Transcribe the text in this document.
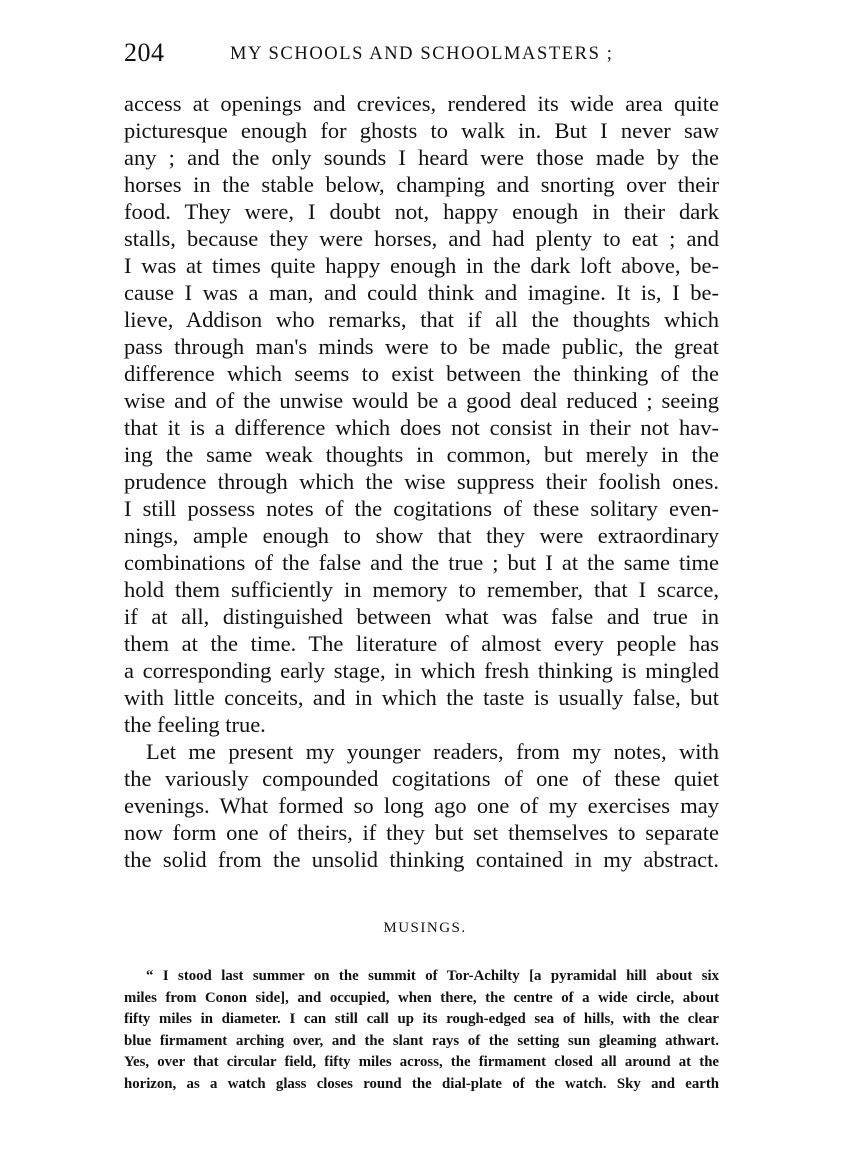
204	MY SCHOOLS AND SCHOOLMASTERS ;
access at openings and crevices, rendered its wide area quite
picturesque enough for ghosts to walk in. But I never saw
any ; and the only sounds I heard were those made by the
horses in the stable below, champing and snorting over their
food. They were, I doubt not, happy enough in their dark
stalls, because they were horses, and had plenty to eat ; and
I was at times quite happy enough in the dark loft above, be-
cause I was a man, and could think and imagine. It is, I be-
lieve, Addison who remarks, that if all the thoughts which
pass through man's minds were to be made public, the great
difference which seems to exist between the thinking of the
wise and of the unwise would be a good deal reduced ; seeing
that it is a difference which does not consist in their not hav-
ing the same weak thoughts in common, but merely in the
prudence through which the wise suppress their foolish ones.
I still possess notes of the cogitations of these solitary even-
nings, ample enough to show that they were extraordinary
combinations of the false and the true ; but I at the same time
hold them sufficiently in memory to remember, that I scarce,
if at all, distinguished between what was false and true in
them at the time. The literature of almost every people has
a corresponding early stage, in which fresh thinking is mingled
with little conceits, and in which the taste is usually false, but
the feeling true.
Let me present my younger readers, from my notes, with
the variously compounded cogitations of one of these quiet
evenings. What formed so long ago one of my exercises may
now form one of theirs, if they but set themselves to separate
the solid from the unsolid thinking contained in my abstract.
MUSINGS.
“ I stood last summer on the summit of Tor-Achilty [a pyramidal hill about six
miles from Conon side], and occupied, when there, the centre of a wide circle, about
fifty miles in diameter. I can still call up its rough-edged sea of hills, with the clear
blue firmament arching over, and the slant rays of the setting sun gleaming athwart.
Yes, over that circular field, fifty miles across, the firmament closed all around at the
horizon, as a watch glass closes round the dial-plate of the watch. Sky and earth
